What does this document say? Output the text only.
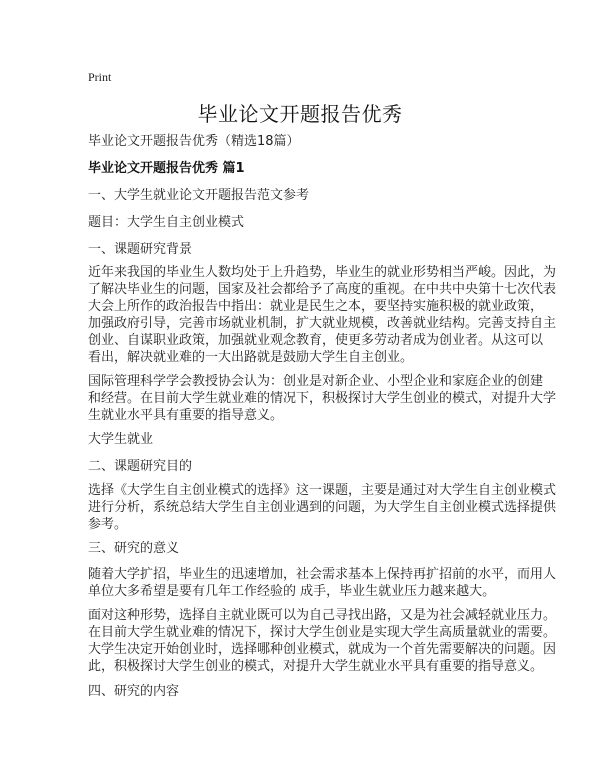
Print
毕业论文开题报告优秀
毕业论文开题报告优秀（精选18篇）
毕业论文开题报告优秀 篇1
一、大学生就业论文开题报告范文参考
题目：大学生自主创业模式
一、课题研究背景
近年来我国的毕业生人数均处于上升趋势，毕业生的就业形势相当严峻。因此，为
了解决毕业生的问题，国家及社会都给予了高度的重视。在中共中央第十七次代表
大会上所作的政治报告中指出：就业是民生之本，要坚持实施积极的就业政策，
加强政府引导，完善市场就业机制，扩大就业规模，改善就业结构。完善支持自主
创业、自谋职业政策，加强就业观念教育，使更多劳动者成为创业者。从这可以
看出，解决就业难的一大出路就是鼓励大学生自主创业。
国际管理科学学会教授协会认为：创业是对新企业、小型企业和家庭企业的创建
和经营。在目前大学生就业难的情况下，积极探讨大学生创业的模式，对提升大学
生就业水平具有重要的指导意义。
大学生就业
二、课题研究目的
选择《大学生自主创业模式的选择》这一课题，主要是通过对大学生自主创业模式
进行分析，系统总结大学生自主创业遇到的问题，为大学生自主创业模式选择提供
参考。
三、研究的意义
随着大学扩招，毕业生的迅速增加，社会需求基本上保持再扩招前的水平，而用人
单位大多希望是要有几年工作经验的 成手，毕业生就业压力越来越大。
面对这种形势，选择自主就业既可以为自己寻找出路，又是为社会减轻就业压力。
在目前大学生就业难的情况下，探讨大学生创业是实现大学生高质量就业的需要。
大学生决定开始创业时，选择哪种创业模式，就成为一个首先需要解决的问题。因
此，积极探讨大学生创业的模式，对提升大学生就业水平具有重要的指导意义。
四、研究的内容
